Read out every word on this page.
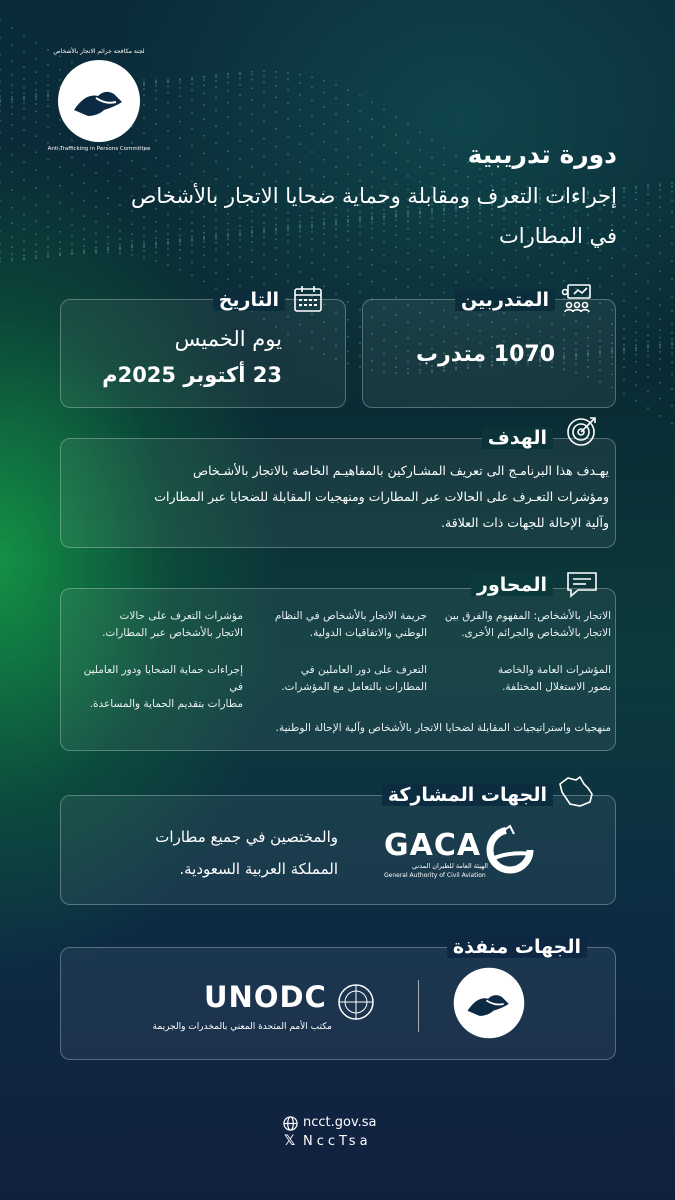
لجنة مكافحة جرائم الاتجار بالأشخاص
Anti-Trafficking in Persons Committee	دورة تدريبية
إجراءات التعرف ومقابلة وحماية ضحايا الاتجار بالأشخاص
في المطارات
المتدربين
1070 متدرب
التاريخ
يوم الخميس
23 أكتوبر 2025م
الهدف
يهـدف هذا البرنامـج الى تعريف المشـاركين بالمفاهيـم الخاصة بالاتجار بالأشـخاص
ومؤشرات التعـرف على الحالات عبر المطارات ومنهجيات المقابلة للضحايا عبر المطارات
وآلية الإحالة للجهات ذات العلاقة.
المحاور
الاتجار بالأشخاص: المفهوم والفرق بين
الاتجار بالأشخاص والجرائم الأخرى.
جريمة الاتجار بالأشخاص في النظام
الوطني والاتفاقيات الدولية.
مؤشرات التعرف على حالات
الاتجار بالأشخاص عبر المطارات.
المؤشرات العامة والخاصة
بصور الاستغلال المختلفة.
التعرف على دور العاملين في
المطارات بالتعامل مع المؤشرات.
إجراءات حماية الضحايا ودور العاملين في
مطارات بتقديم الحماية والمساعدة.
منهجيات واستراتيجيات المقابلة لضحايا الاتجار بالأشخاص وآلية الإحالة الوطنية.
الجهات المشاركة
GACA
الهيئة العامة للطيران المدني
General Authority of Civil Aviation
والمختصين في جميع مطارات
المملكة العربية السعودية.
الجهات منفذة
UNODC
مكتب الأمم المتحدة المعني بالمخدرات والجريمة
ncct.gov.sa
𝕏 NccTsa
